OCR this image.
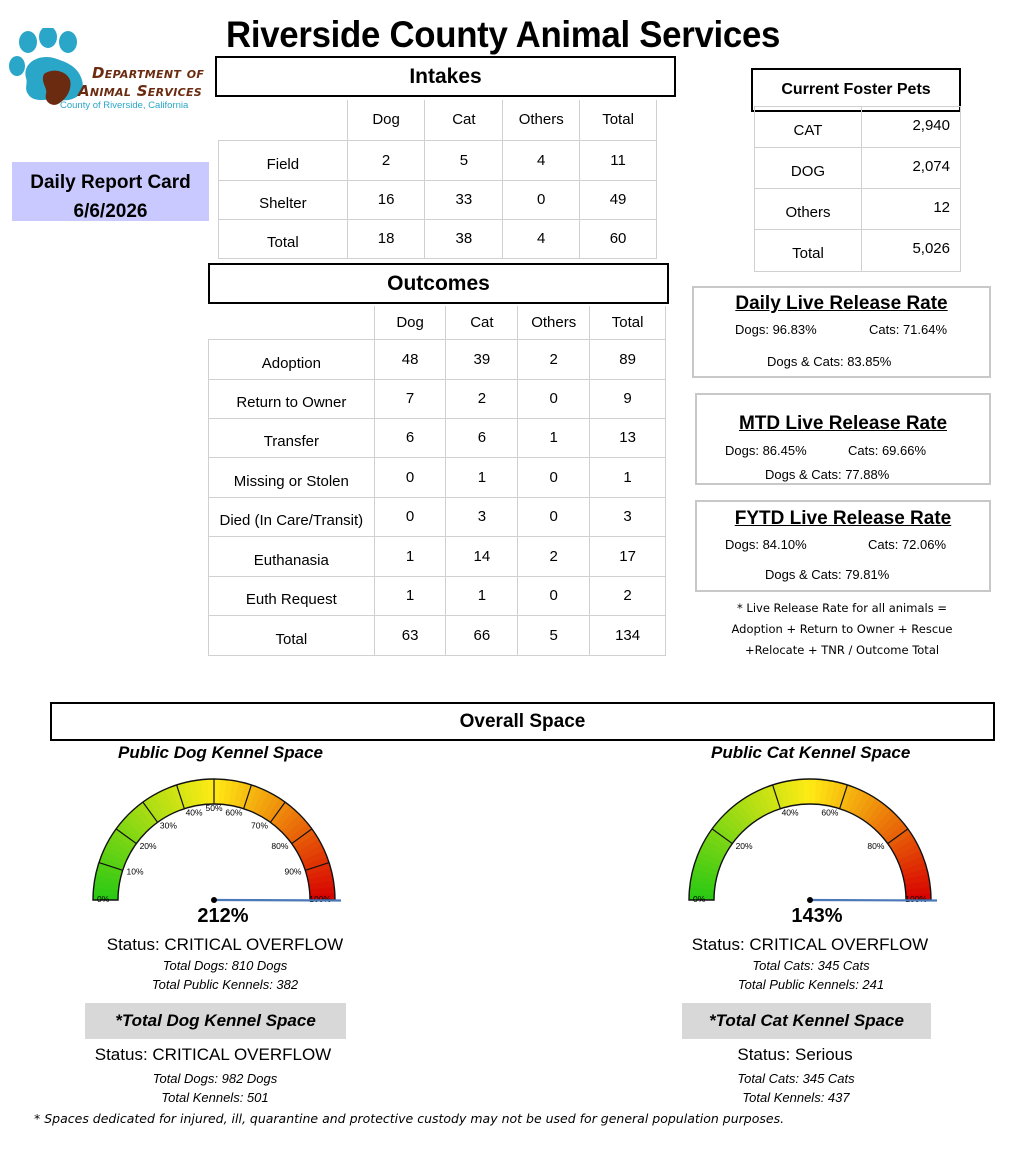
Department of
Animal Services
County of Riverside, California
Riverside County Animal Services
Daily Report Card
6/6/2026
Intakes
	Dog	Cat	Others	Total
Field	2	5	4	11
Shelter	16	33	0	49
Total	18	38	4	60
Current Foster Pets
CAT	2,940
DOG	2,074
Others	12
Total	5,026
Outcomes
	Dog	Cat	Others	Total
Adoption	48	39	2	89
Return to Owner	7	2	0	9
Transfer	6	6	1	13
Missing or Stolen	0	1	0	1
Died (In Care/Transit)	0	3	0	3
Euthanasia	1	14	2	17
Euth Request	1	1	0	2
Total	63	66	5	134
Daily Live Release Rate
Dogs: 96.83%	Cats: 71.64%
Dogs & Cats: 83.85%
MTD Live Release Rate
Dogs: 86.45%	Cats: 69.66%
Dogs & Cats: 77.88%
FYTD Live Release Rate
Dogs: 84.10%	Cats: 72.06%
Dogs & Cats: 79.81%
* Live Release Rate for all animals =
Adoption + Return to Owner + Rescue
+Relocate + TNR / Outcome Total
Overall Space
Public Dog Kennel Space
0%
10%
20%
30%
40% 50% 60%
70%
80%
90%
100%
212%
Status: CRITICAL OVERFLOW
Total Dogs: 810 Dogs
Total Public Kennels: 382
*Total Dog Kennel Space
Status: CRITICAL OVERFLOW
Total Dogs: 982 Dogs
Total Kennels: 501
Public Cat Kennel Space
0%
20%
40%	60%
80%
100%
143%
Status: CRITICAL OVERFLOW
Total Cats: 345 Cats
Total Public Kennels: 241
*Total Cat Kennel Space
Status: Serious
Total Cats: 345 Cats
Total Kennels: 437
* Spaces dedicated for injured, ill, quarantine and protective custody may not be used for general population purposes.
